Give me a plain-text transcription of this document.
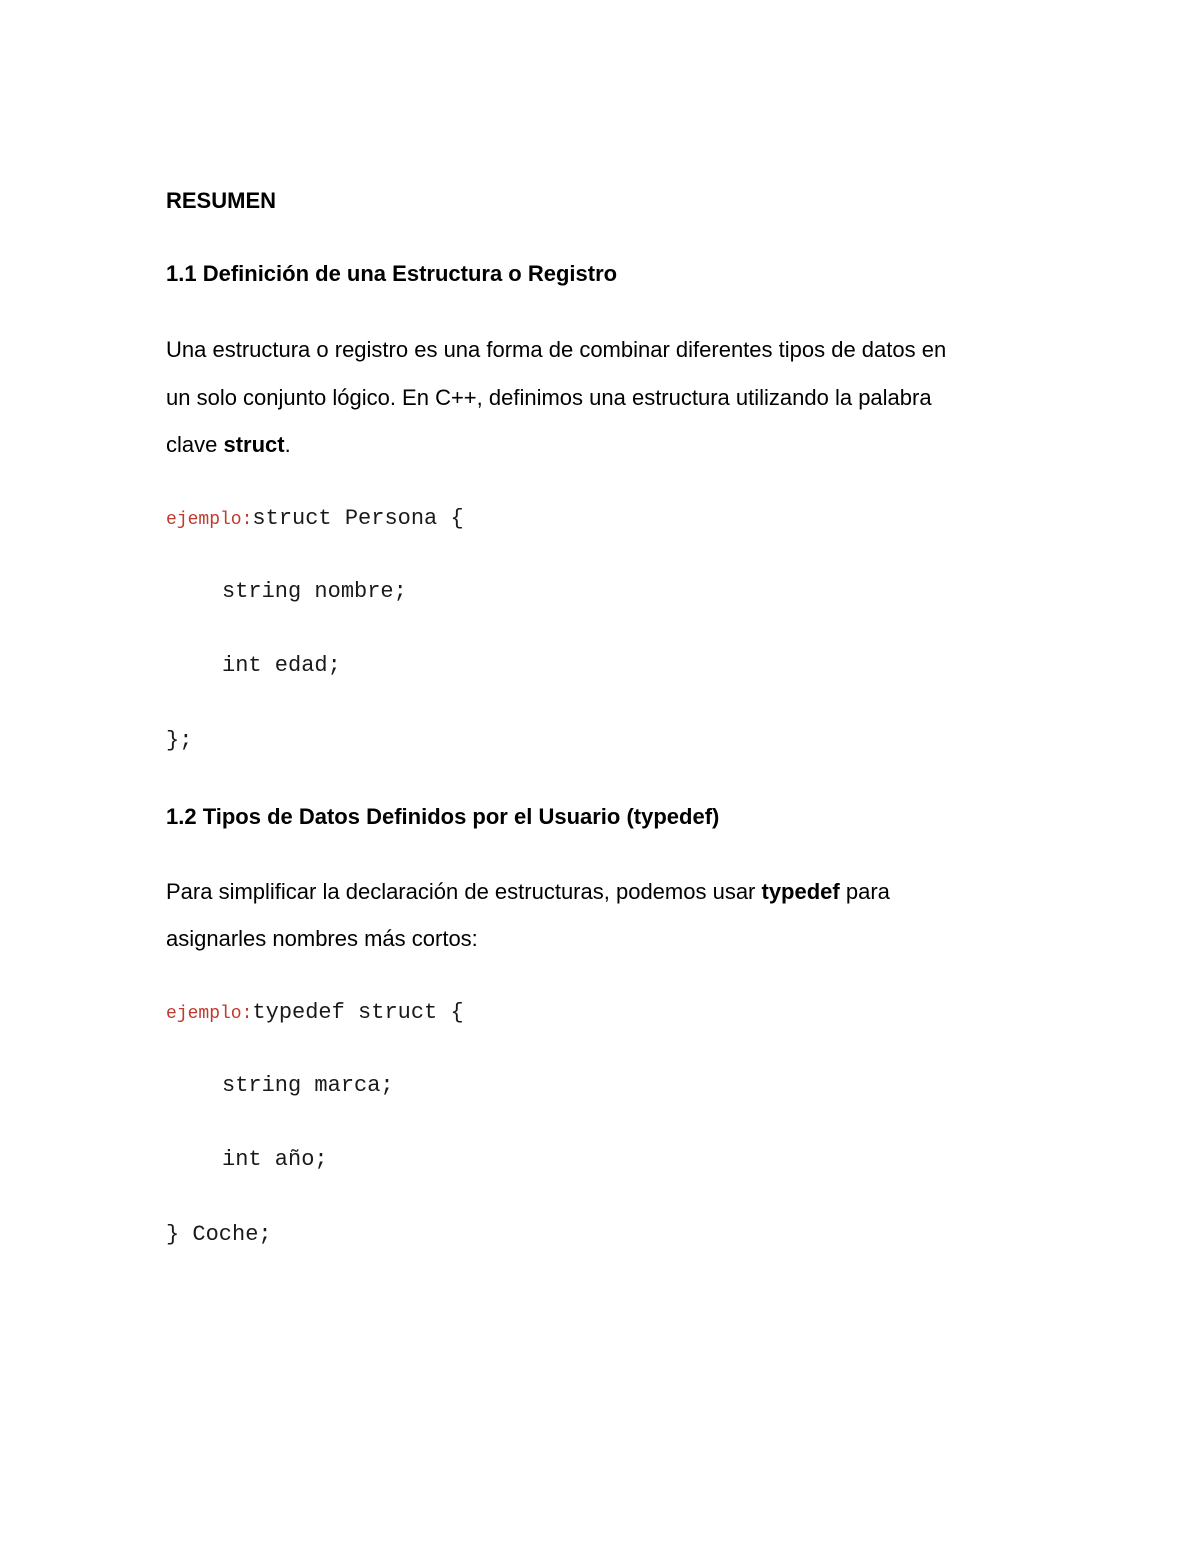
RESUMEN
1.1 Definición de una Estructura o Registro
Una estructura o registro es una forma de combinar diferentes tipos de datos en
un solo conjunto lógico. En C++, definimos una estructura utilizando la palabra
clave struct.
ejemplo:struct Persona {
string nombre;
int edad;
};
1.2 Tipos de Datos Definidos por el Usuario (typedef)
Para simplificar la declaración de estructuras, podemos usar typedef para
asignarles nombres más cortos:
ejemplo:typedef struct {
string marca;
int año;
} Coche;
